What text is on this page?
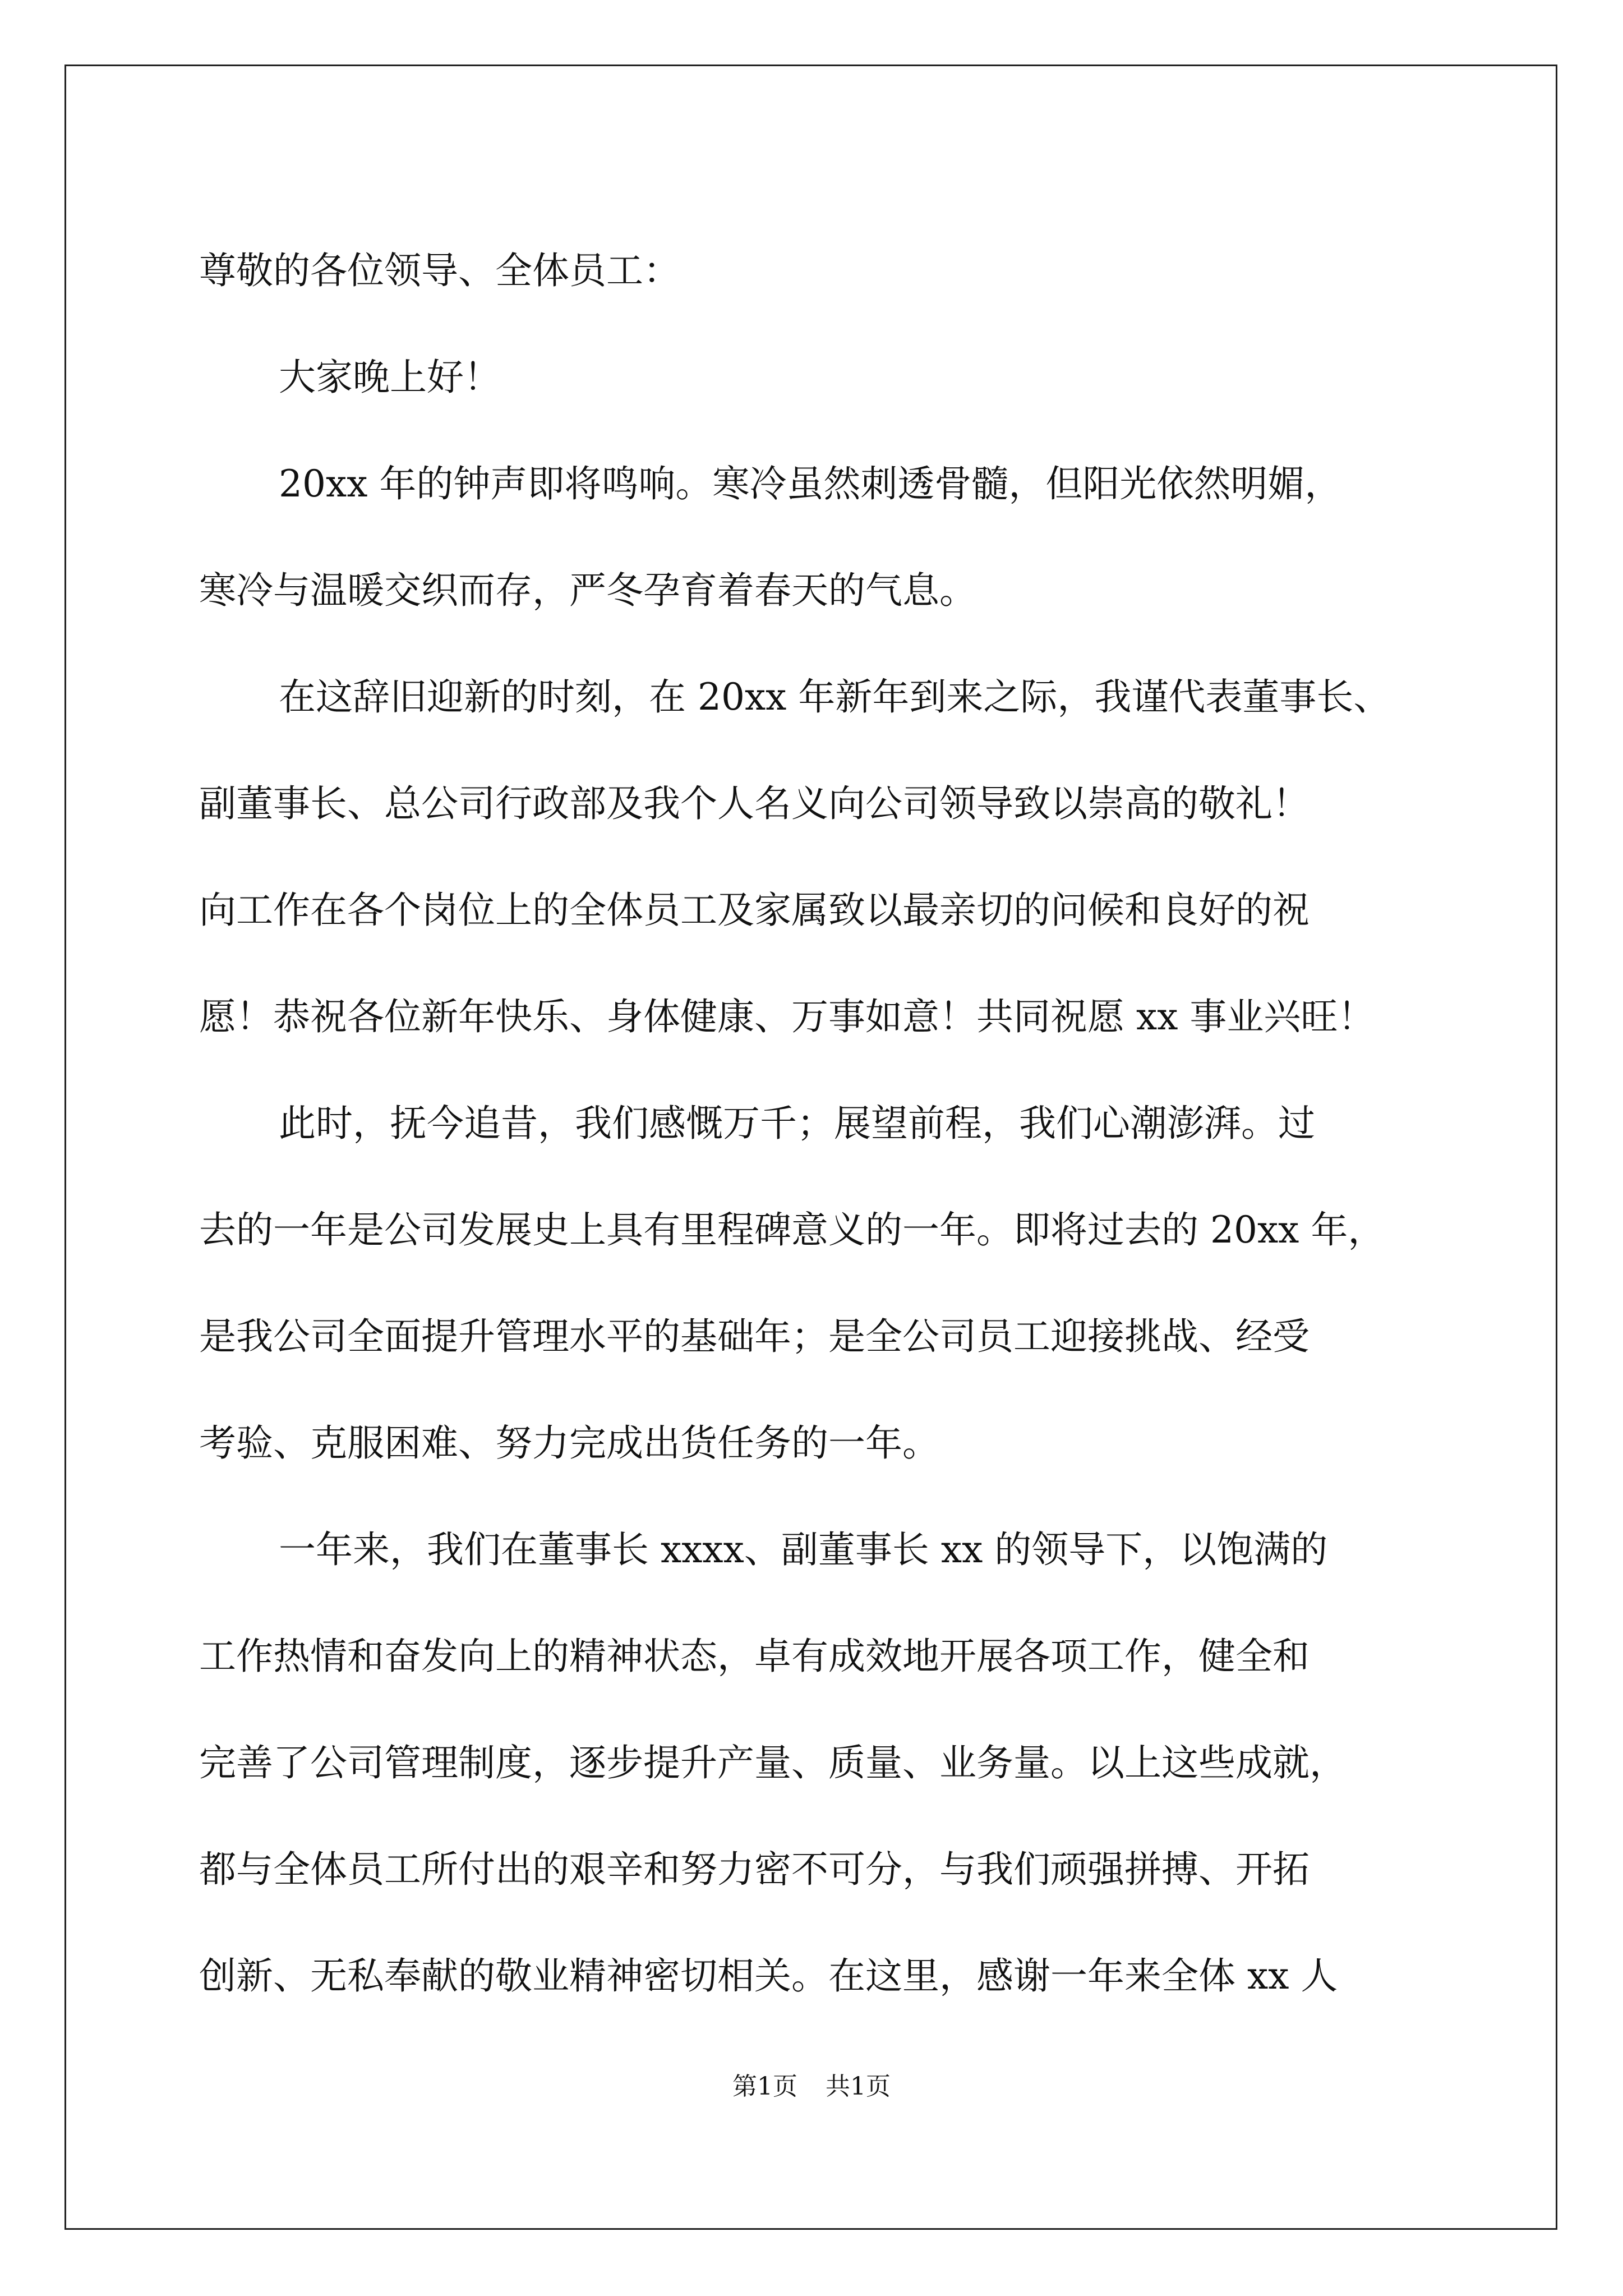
尊敬的各位领导、全体员工：
大家晚上好！
20xx 年的钟声即将鸣响。寒冷虽然刺透骨髓，但阳光依然明媚，
寒冷与温暖交织而存，严冬孕育着春天的气息。
在这辞旧迎新的时刻，在 20xx 年新年到来之际，我谨代表董事长、
副董事长、总公司行政部及我个人名义向公司领导致以崇高的敬礼！
向工作在各个岗位上的全体员工及家属致以最亲切的问候和良好的祝
愿！恭祝各位新年快乐、身体健康、万事如意！共同祝愿 xx 事业兴旺！
此时，抚今追昔，我们感慨万千；展望前程，我们心潮澎湃。过
去的一年是公司发展史上具有里程碑意义的一年。即将过去的 20xx 年，
是我公司全面提升管理水平的基础年；是全公司员工迎接挑战、经受
考验、克服困难、努力完成出货任务的一年。
一年来，我们在董事长 xxxx、副董事长 xx 的领导下，以饱满的
工作热情和奋发向上的精神状态，卓有成效地开展各项工作，健全和
完善了公司管理制度，逐步提升产量、质量、业务量。以上这些成就，
都与全体员工所付出的艰辛和努力密不可分，与我们顽强拼搏、开拓
创新、无私奉献的敬业精神密切相关。在这里，感谢一年来全体 xx 人
第1页 共1页
